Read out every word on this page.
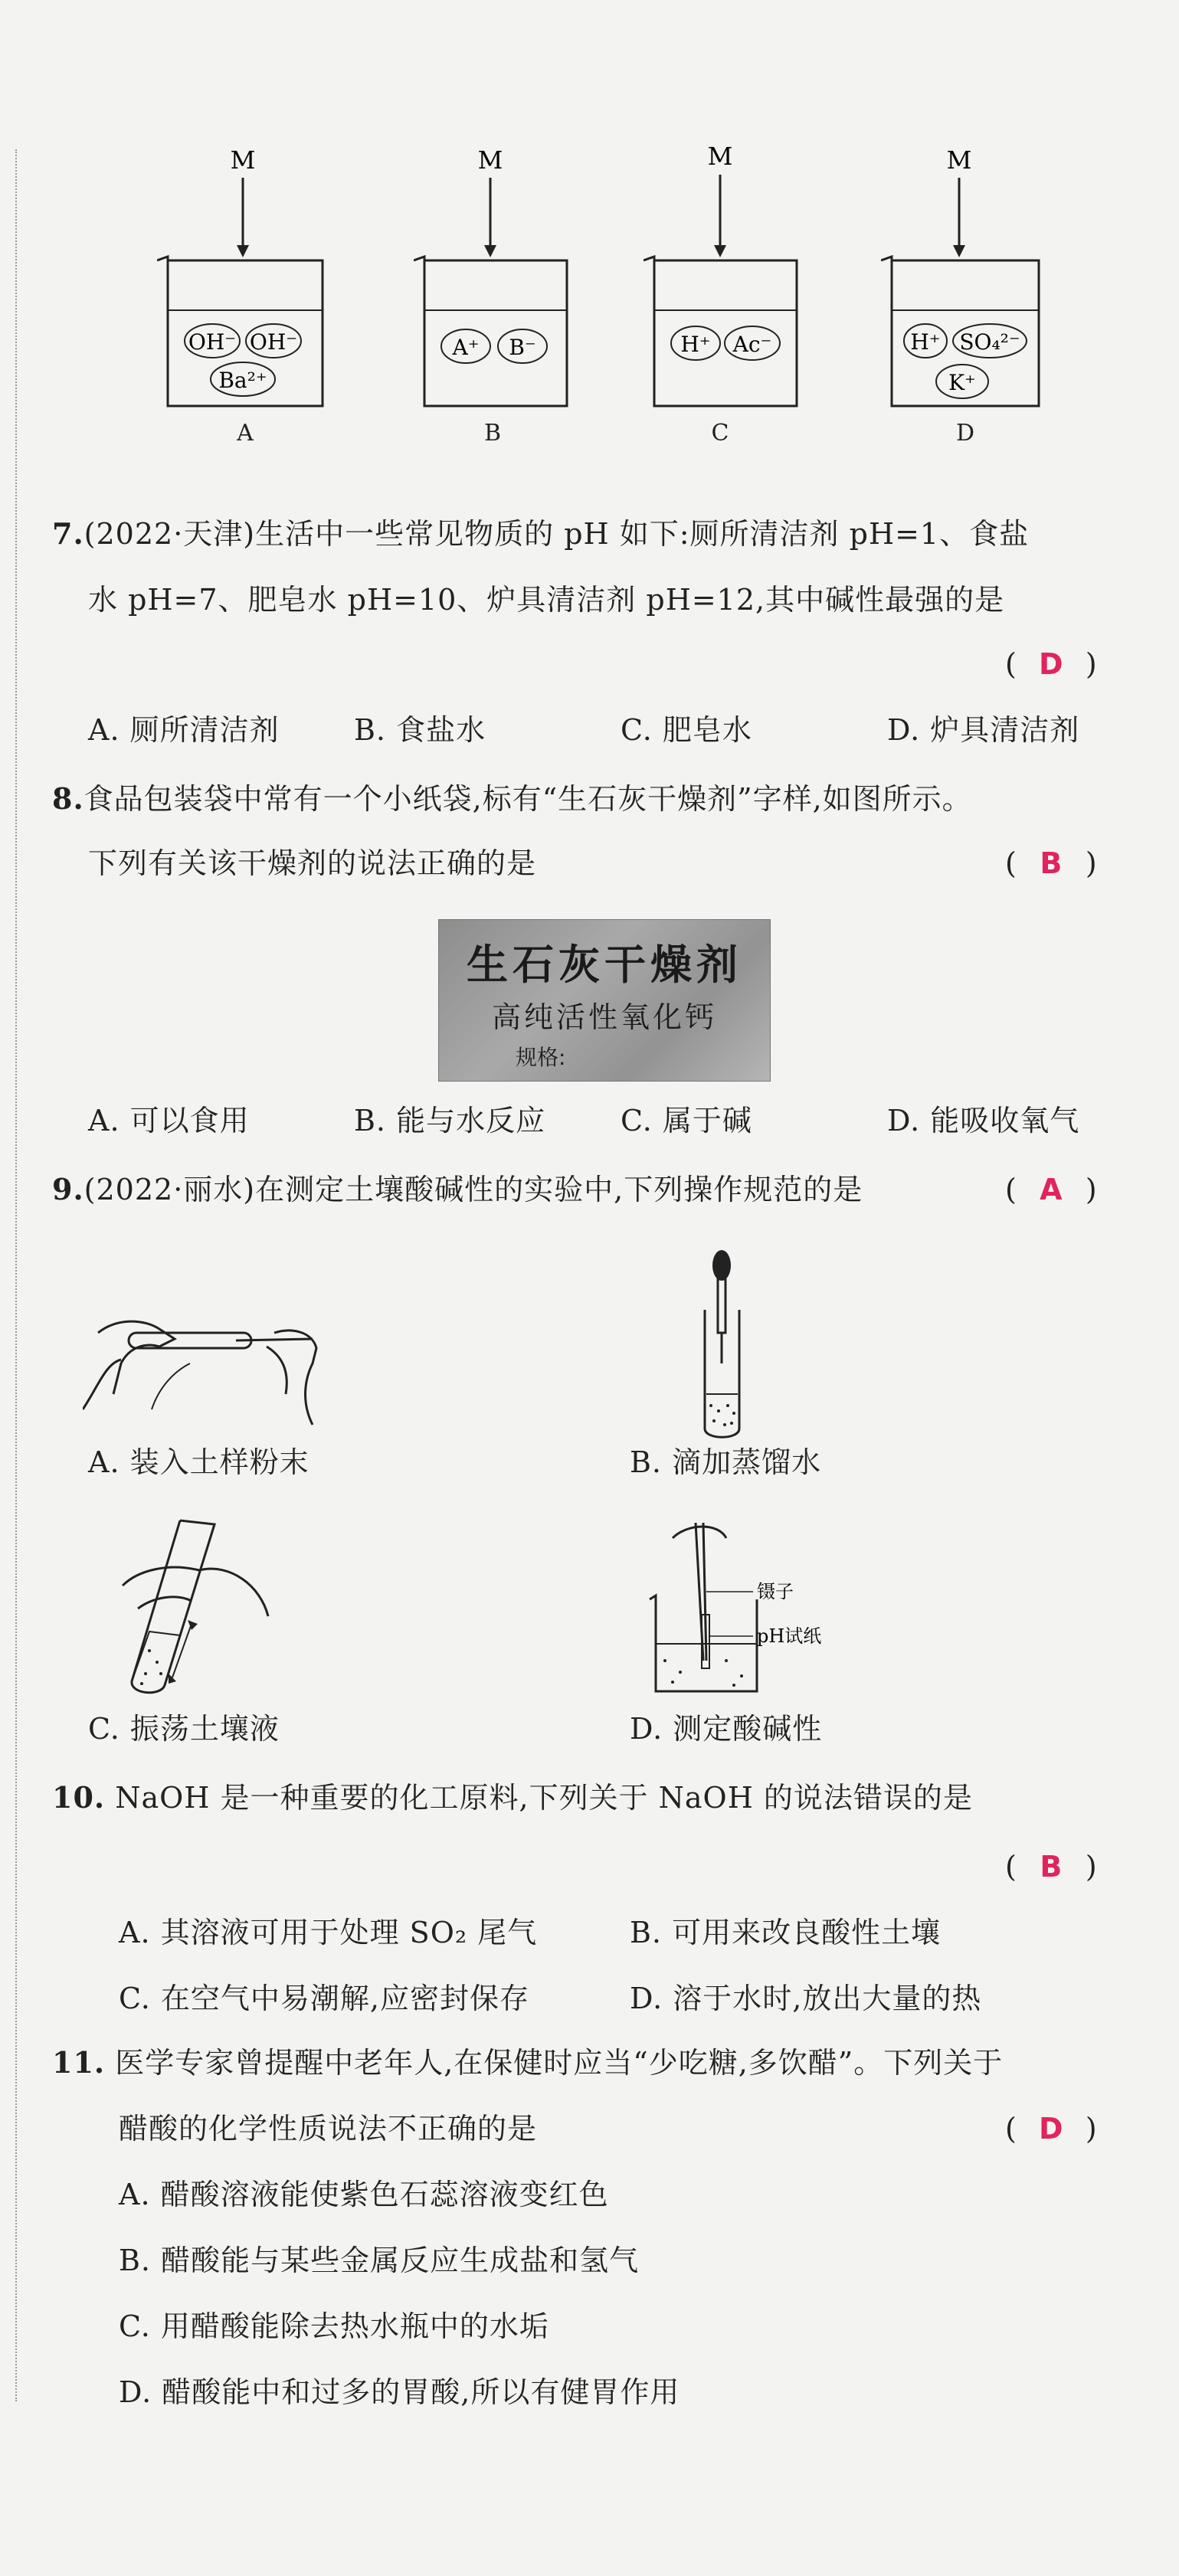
M
OH⁻ OH⁻
Ba²⁺
A
M
A⁺ B⁻
B
M
H⁺ Ac⁻
C
M
H⁺ SO₄²⁻
K⁺
D
7.(2022·天津)生活中一些常见物质的 pH 如下:厕所清洁剂 pH=1、食盐
水 pH=7、肥皂水 pH=10、炉具清洁剂 pH=12,其中碱性最强的是
( D )
A. 厕所清洁剂	B. 食盐水	C. 肥皂水	D. 炉具清洁剂
8.食品包装袋中常有一个小纸袋,标有“生石灰干燥剂”字样,如图所示。
下列有关该干燥剂的说法正确的是	( B )
生石灰干燥剂
高纯活性氧化钙
规格:
A. 可以食用	B. 能与水反应	C. 属于碱	D. 能吸收氧气
9.(2022·丽水)在测定土壤酸碱性的实验中,下列操作规范的是	( A )
A. 装入土样粉末	B. 滴加蒸馏水
C. 振荡土壤液
镊子
pH试纸
D. 测定酸碱性
10. NaOH 是一种重要的化工原料,下列关于 NaOH 的说法错误的是
( B )
A. 其溶液可用于处理 SO₂ 尾气	B. 可用来改良酸性土壤
C. 在空气中易潮解,应密封保存	D. 溶于水时,放出大量的热
11. 医学专家曾提醒中老年人,在保健时应当“少吃糖,多饮醋”。下列关于
醋酸的化学性质说法不正确的是	( D )
A. 醋酸溶液能使紫色石蕊溶液变红色
B. 醋酸能与某些金属反应生成盐和氢气
C. 用醋酸能除去热水瓶中的水垢
D. 醋酸能中和过多的胃酸,所以有健胃作用
